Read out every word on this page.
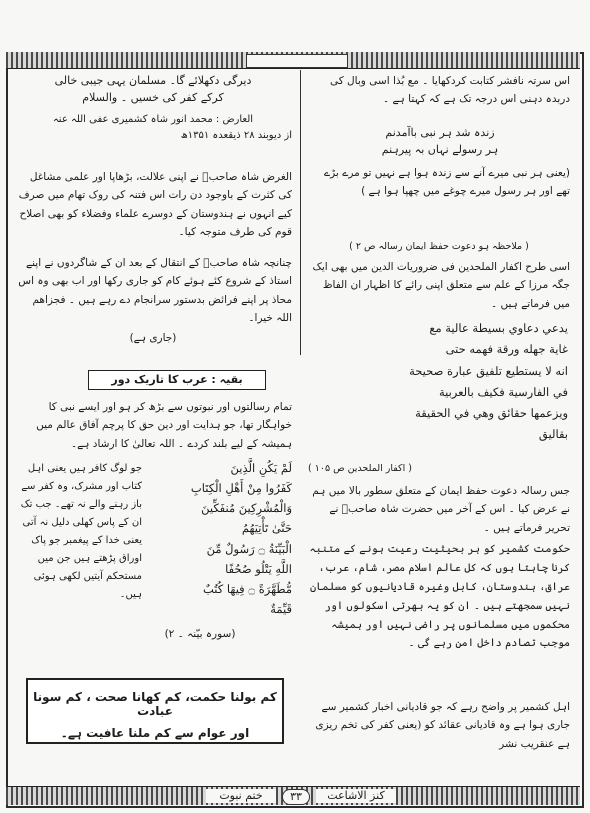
دیرگی دکھلائے گا۔ مسلمان یہی جیبی خالی

کرکے کفر کی خسیں ۔ والسلام

العارض : محمد انور شاہ کشمیری عفی اللہ عنہ

از دیوبند ۲۸ ذیقعدہ ۱۳۵۱ھ

الغرض شاہ صاحبؒ نے اپنی علالت، بڑھاپا اور علمی مشاغل کی کثرت کے باوجود دن رات اس فتنہ کی روک تھام میں صرف کیے انہوں نے ہندوستان کے دوسرے علماء وفضلاء کو بھی اصلاح قوم کی طرف متوجہ کیا۔

چنانچہ شاہ صاحبؒ کے انتقال کے بعد ان کے شاگردوں نے اپنے استاذ کے شروع کئے ہوئے کام کو جاری رکھا اور اب بھی وہ اس محاذ پر اپنے فرائض بدستور سرانجام دے رہے ہیں ۔ فجزاھم اللہ خیرا۔

(جاری ہے)

بقیہ : عرب کا تاریک دور

تمام رسالتوں اور نبوتوں سے بڑھ کر ہو اور ایسے نبی کا خواہگار تھا، جو ہدایت اور دین حق کا پرچم آفاق عالم میں ہمیشہ کے لیے بلند کردے ۔ اللہ تعالیٰ کا ارشاد ہے۔

لَمْ يَكُنِ الَّذِينَ

كَفَرُوا مِنْ أَهْلِ الْكِتَابِ

وَالْمُشْرِكِينَ مُنفَكِّينَ

حَتَّىٰ تَأْتِيَهُمُ

الْبَيِّنَةُ ۝ رَسُولٌ مِّنَ

اللَّهِ يَتْلُو صُحُفًا

مُّطَهَّرَةً ۝ فِيهَا كُتُبٌ

قَيِّمَةٌ

جو لوگ کافر ہیں یعنی اہل کتاب اور مشرک، وہ کفر سے باز رہنے والے نہ تھے۔ جب تک ان کے پاس کھلی دلیل نہ آتی یعنی خدا کے پیغمبر جو پاک اوراق پڑھتے ہیں جن میں مستحکم آیتیں لکھی ہوئی ہیں۔

(سورہ بیّنہ ۔ ۲)

کم بولنا حکمت، کم کھانا صحت ، کم سونا عبادت
اور عوام سے کم ملنا عافیت ہے۔

اس سرتہ نافشر کتابت کردکھایا ۔ مع بُذا اسی وبال کی دربدہ دہنی اس درجہ تک ہے کہ کہتا ہے ۔

زندہ شد ہر نبی باآمدنم

ہر رسولے نہاں بہ پیرہنم

(یعنی ہر نبی میرے آنے سے زندہ ہوا ہے نہیں تو مرے بڑے تھے اور ہر رسول میرے چوغے میں چھپا ہوا ہے )

( ملاحظہ ہو دعوت حفظ ایمان رسالہ ص ۲ )

اسی طرح اکفار الملحدین فی ضروریات الدین میں بھی ایک جگہ مرزا کے علم سے متعلق اپنی رائے کا اظہار ان الفاظ میں فرماتے ہیں ۔

يدعي دعاوي بسيطة عالية مع

غاية جهله ورقة فهمه حتى

انه لا يستطيع تلفيق عبارة صحيحة

في الفارسية فكيف بالعربية

ويزعمها حقائق وهي في الحقيقة

بقاليق

( اکفار الملحدین ص ۱۰۵ )

جس رسالہ دعوت حفظ ایمان کے متعلق سطور بالا میں ہم نے عرض کیا ۔ اس کے آخر میں حضرت شاہ صاحبؒ نے تحریر فرماتے ہیں ۔

حکومت کشمیر کو ہر بحیثیت رعیت ہونے کے متنبہ کرنا چاہتا ہوں کہ کل عالم اسلام مصر، شام، عرب، عراق، ہندوستان، کابل وغیرہ قادیانیوں کو مسلمان نہیں سمجھتے ہیں ۔ ان کو یہ بھرتی اسکولوں اور محکموں میں مسلمانوں پر راضی نہیں اور ہمیشہ موجب تصادم داخل امن رہے گی ۔

اہل کشمیر پر واضح رہے کہ جو قادیانی اخبار کشمیر سے جاری ہوا ہے وہ قادیانی عقائد کو (یعنی کفر کی تخم ریزی ہے عنقریب نشر

ختم نبوت	۳۳	کنز الاشاعت
